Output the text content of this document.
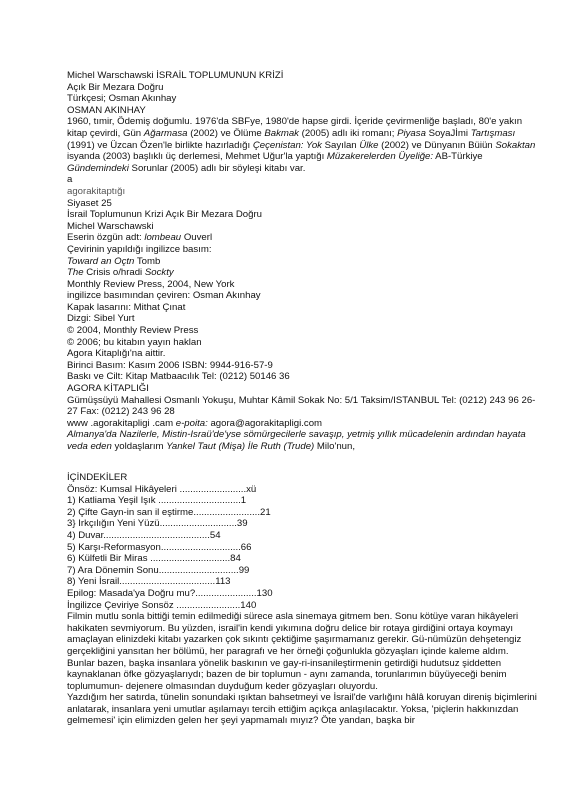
Michel Warschawski İSRAİL TOPLUMUNUN KRİZİ
Açık Bir Mezara Doğru
Türkçesi; Osman Akınhay
OSMAN AKINHAY
1960, tımir, Ödemiş doğumlu. 1976'da SBFye, 1980'de hapse girdi. İçeride çevirmenliğe başladı, 80'e yakın kitap çevirdi, Gün Ağarmasa (2002) ve Ölüme Bakmak (2005) adlı iki romanı; Piyasa SoyaJİmi Tartışması (1991) ve Üzcan Özen'le birlikte hazırladığı Çeçenistan: Yok Sayılan Ülke (2002) ve Dünyanın Büiün Sokaktan isyanda (2003) başlıklı üç derlemesi, Mehmet Uğur'la yaptığı Müzakerelerden Üyeliğe: AB-Türkiye Gündemindeki Sorunlar (2005) adlı bir söyleşi kitabı var.
a
agorakitaptığı
Siyaset 25
İsrail Toplumunun Krizi Açık Bir Mezara Doğru
Michel Warschawski
Eserin özgün adt: lombeau Ouverl
Çevirinin yapıldığı ingilizce basım:
Toward an Oçtn Tomb
The Crisis o/hradi Sockty
Monthly Review Press, 2004, New York
ingilizce basımından çeviren: Osman Akınhay
Kapak lasarını: Mithat Çınat
Dizgi: Sibel Yurt
© 2004, Monthly Review Press
© 2006; bu kitabın yayın haklan
Agora Kitaplığı'na aittir.
Birinci Basım: Kasım 2006 ISBN: 9944-916-57-9
Baskı ve Cilt: Kitap Matbaacılık Tel: (0212) 50146 36
AGORA KİTAPLIĞI
Gümüşsüyü Mahallesi Osmanlı Yokuşu, Muhtar Kâmil Sokak No: 5/1 Taksim/ISTANBUL Tel: (0212) 243 96 26-27 Fax: (0212) 243 96 28
www .agorakitapligi .cam e-poita: agora@agorakitapligi.com
Almanya'da Nazilerle, Mistin-Israü'de'yse sömürgecilerle savaşıp, yetmiş yıllık mücadelenin ardından hayata veda eden yoldaşlarım Yankel Taut (Mişa) İle Ruth (Trude) Milo'nun,
İÇİNDEKİLER
Önsöz: Kumsal Hikâyeleri .........................xü
1) Katliama Yeşil Işık ...............................1
2) Çifte Gayn-in san il eştirme.........................21
3} Irkçılığın Yeni Yüzü.............................39
4) Duvar........................................54
5) Karşı-Reformasyon..............................66
6) Külfetli Bir Miras ..............................84
7) Ara Dönemin Sonu..............................99
8) Yeni İsrail....................................113
Epilog: Masada'ya Doğru mu?.......................130
İngilizce Çeviriye Sonsöz ........................140
Filmin mutlu sonla bittiği temin edilmediği sürece asla sinemaya gitmem ben. Sonu kötüye varan hikâyeleri hakikaten sevmiyorum. Bu yüzden, israil'in kendi yıkımına doğru delice bir rotaya girdiğini ortaya koymayı amaçlayan elinizdeki kitabı yazarken çok sıkıntı çektiğime şaşırmamanız gerekir. Gü-nümüzün dehşetengiz gerçekliğini yansıtan her bölümü, her paragrafı ve her örneği çoğunlukla gözyaşları içinde kaleme aldım. Bunlar bazen, başka insanlara yönelik baskının ve gay-ri-insanileştirmenin getirdiği hudutsuz şiddetten kaynaklanan öfke gözyaşlarıydı; bazen de bir toplumun - aynı zamanda, torunlarımın büyüyeceği benim toplumumun- dejenere olmasından duyduğum keder gözyaşları oluyordu.
Yazdığım her satırda, tünelin sonundaki ışıktan bahsetmeyi ve İsrail'de varlığını hâlâ koruyan direniş biçimlerini anlatarak, insanlara yeni umutlar aşılamayı tercih ettiğim açıkça anlaşılacaktır. Yoksa, 'piçlerin hakkınızdan gelmemesi' için elimizden gelen her şeyi yapmamalı mıyız? Öte yandan, başka bir
